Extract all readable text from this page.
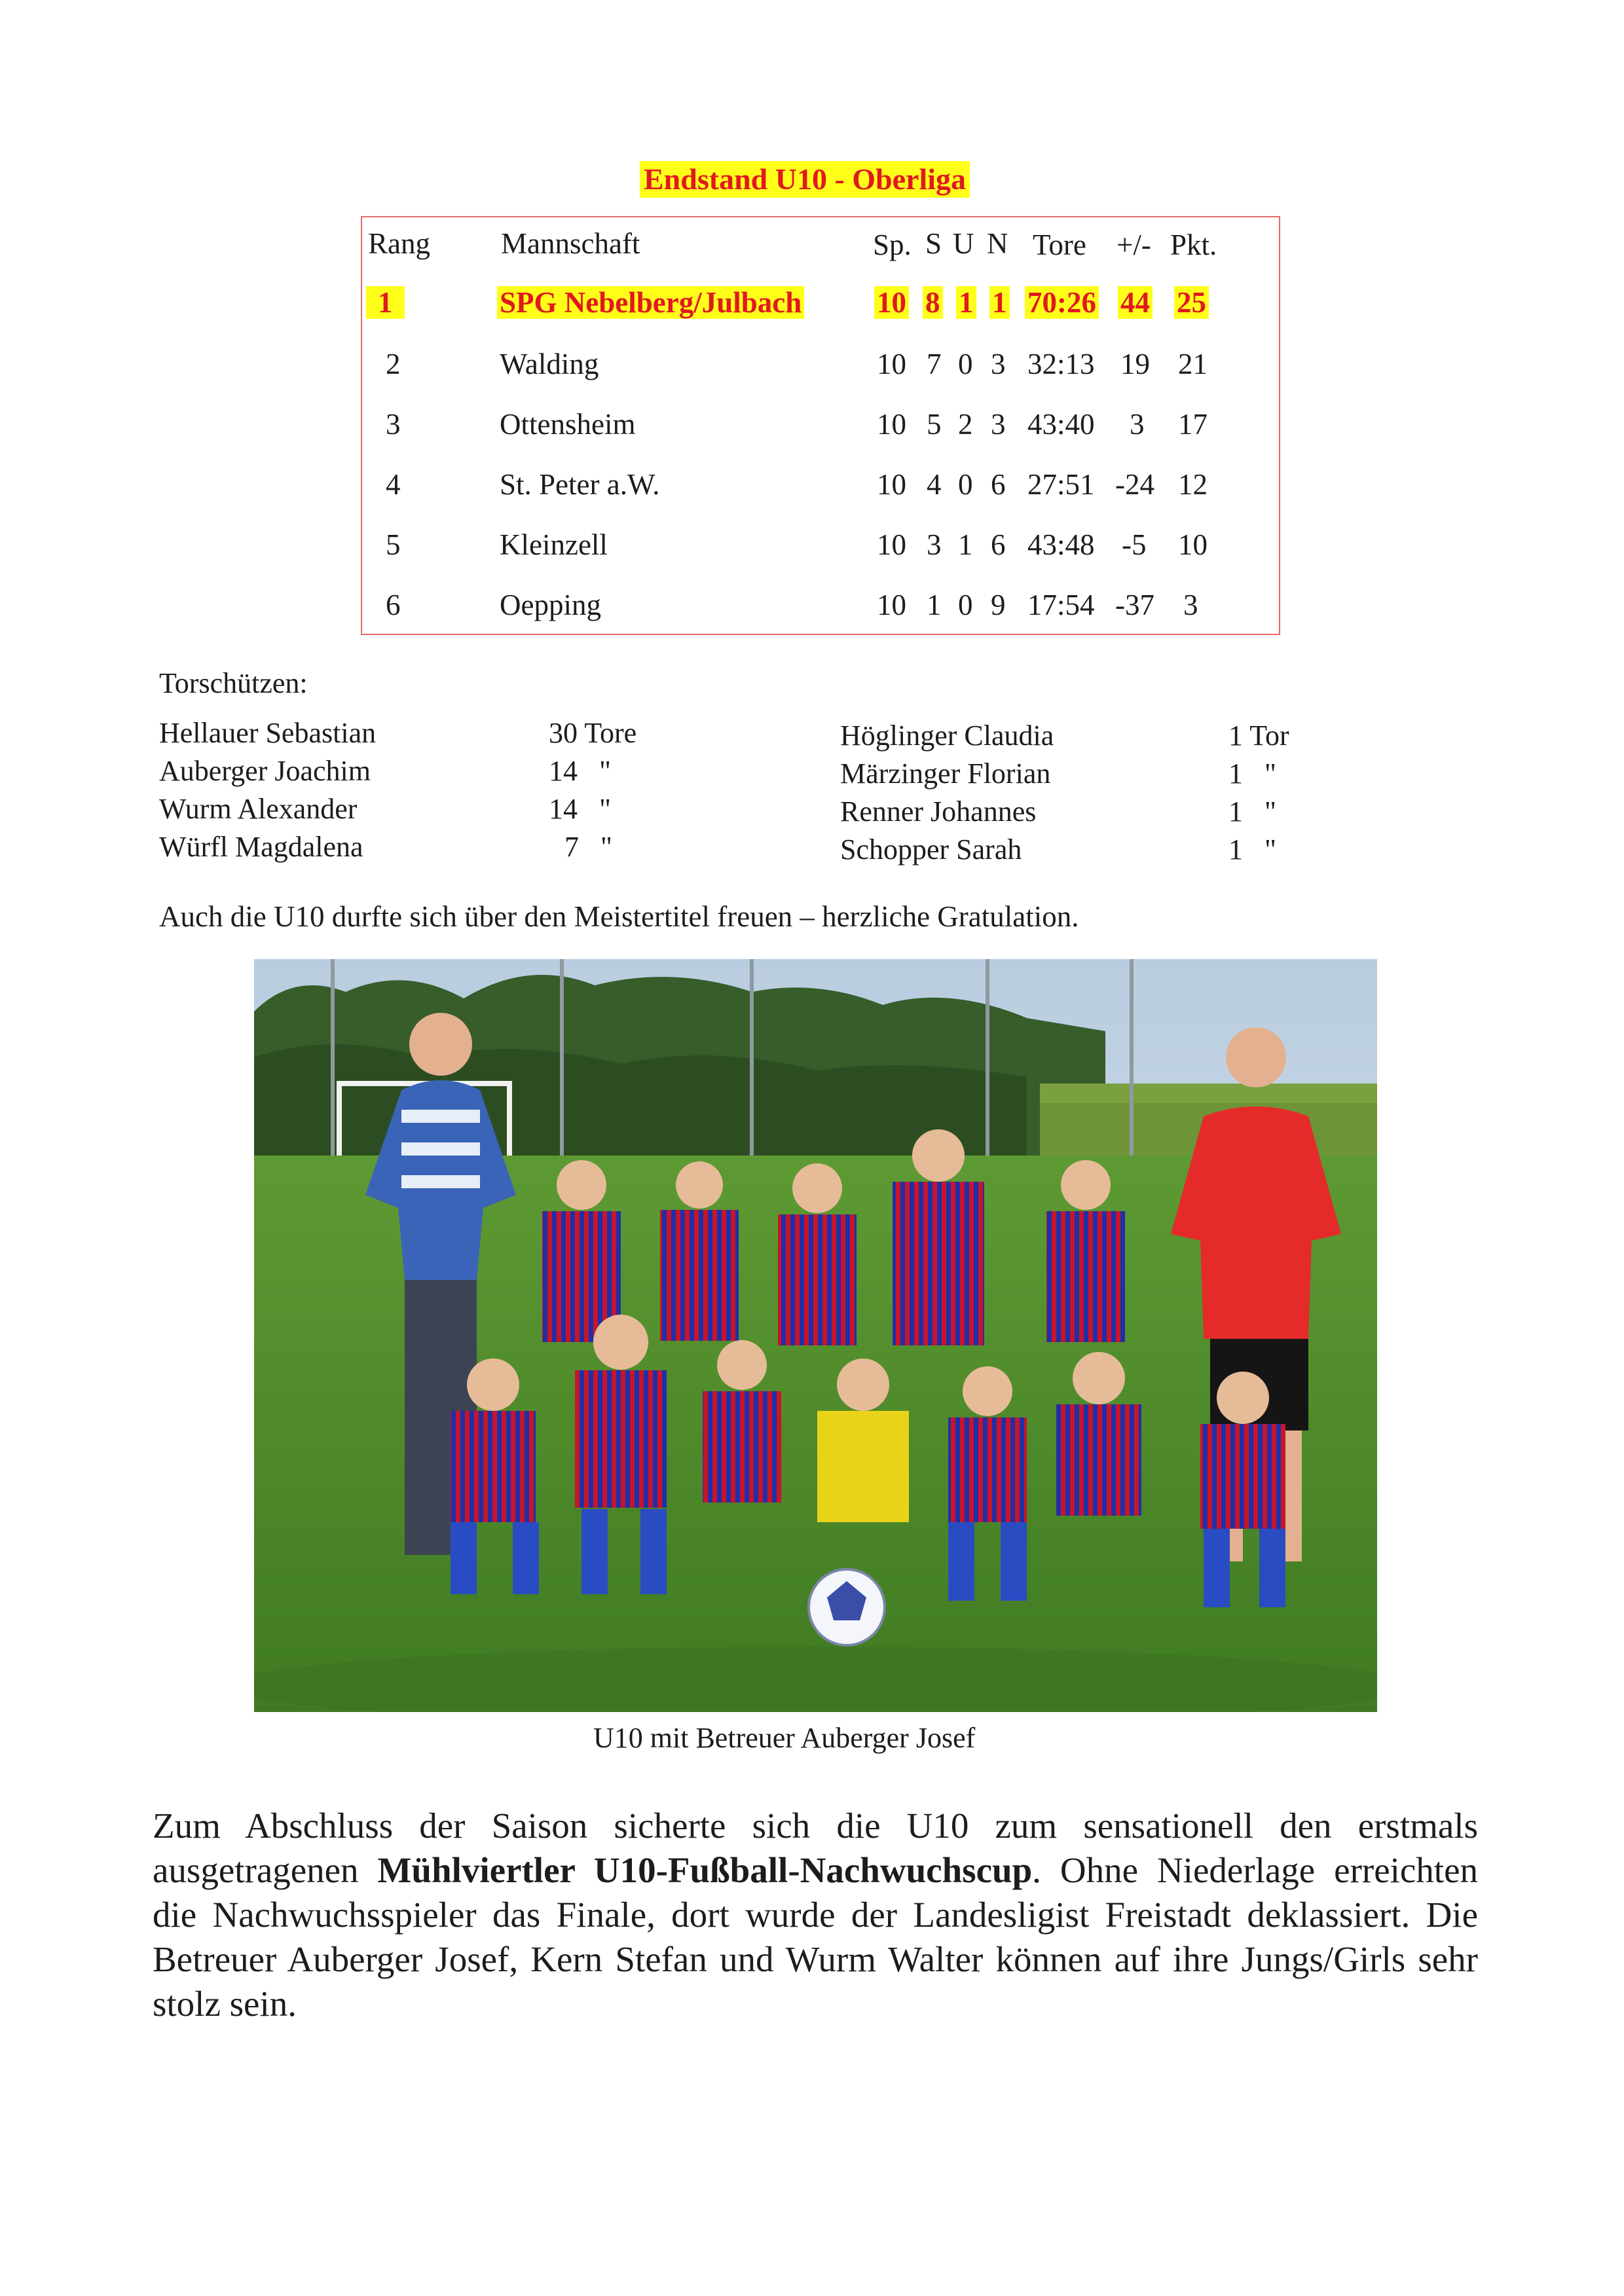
Endstand U10 - Oberliga
Rang Mannschaft	Sp. S U N Tore +/- Pkt.
1	SPG Nebelberg/Julbach	10 8 1 1 70:26 44 25
2	Walding	10 7 0 3 32:13 19 21
3	Ottensheim	10 5 2 3 43:40 3 17
4	St. Peter a.W.	10 4 0 6 27:51 -24 12
5	Kleinzell	10 3 1 6 43:48 -5 10
6	Oepping	10 1 0 9 17:54 -37 3
Torschützen:
Hellauer Sebastian	30 Tore
Auberger Joachim	14   "
Wurm Alexander	14   "
Würfl Magdalena	7   "
Höglinger Claudia	1 Tor
Märzinger Florian	1   "
Renner Johannes	1   "
Schopper Sarah	1   "
Auch die U10 durfte sich über den Meistertitel freuen – herzliche Gratulation.
U10 mit Betreuer Auberger Josef
Zum Abschluss der Saison sicherte sich die U10 zum sensationell den erstmals ausgetragenen Mühlviertler U10-Fußball-Nachwuchscup. Ohne Niederlage erreichten die Nachwuchsspieler das Finale, dort wurde der Landesligist Freistadt deklassiert. Die Betreuer Auberger Josef, Kern Stefan und Wurm Walter können auf ihre Jungs/Girls sehr stolz sein.
